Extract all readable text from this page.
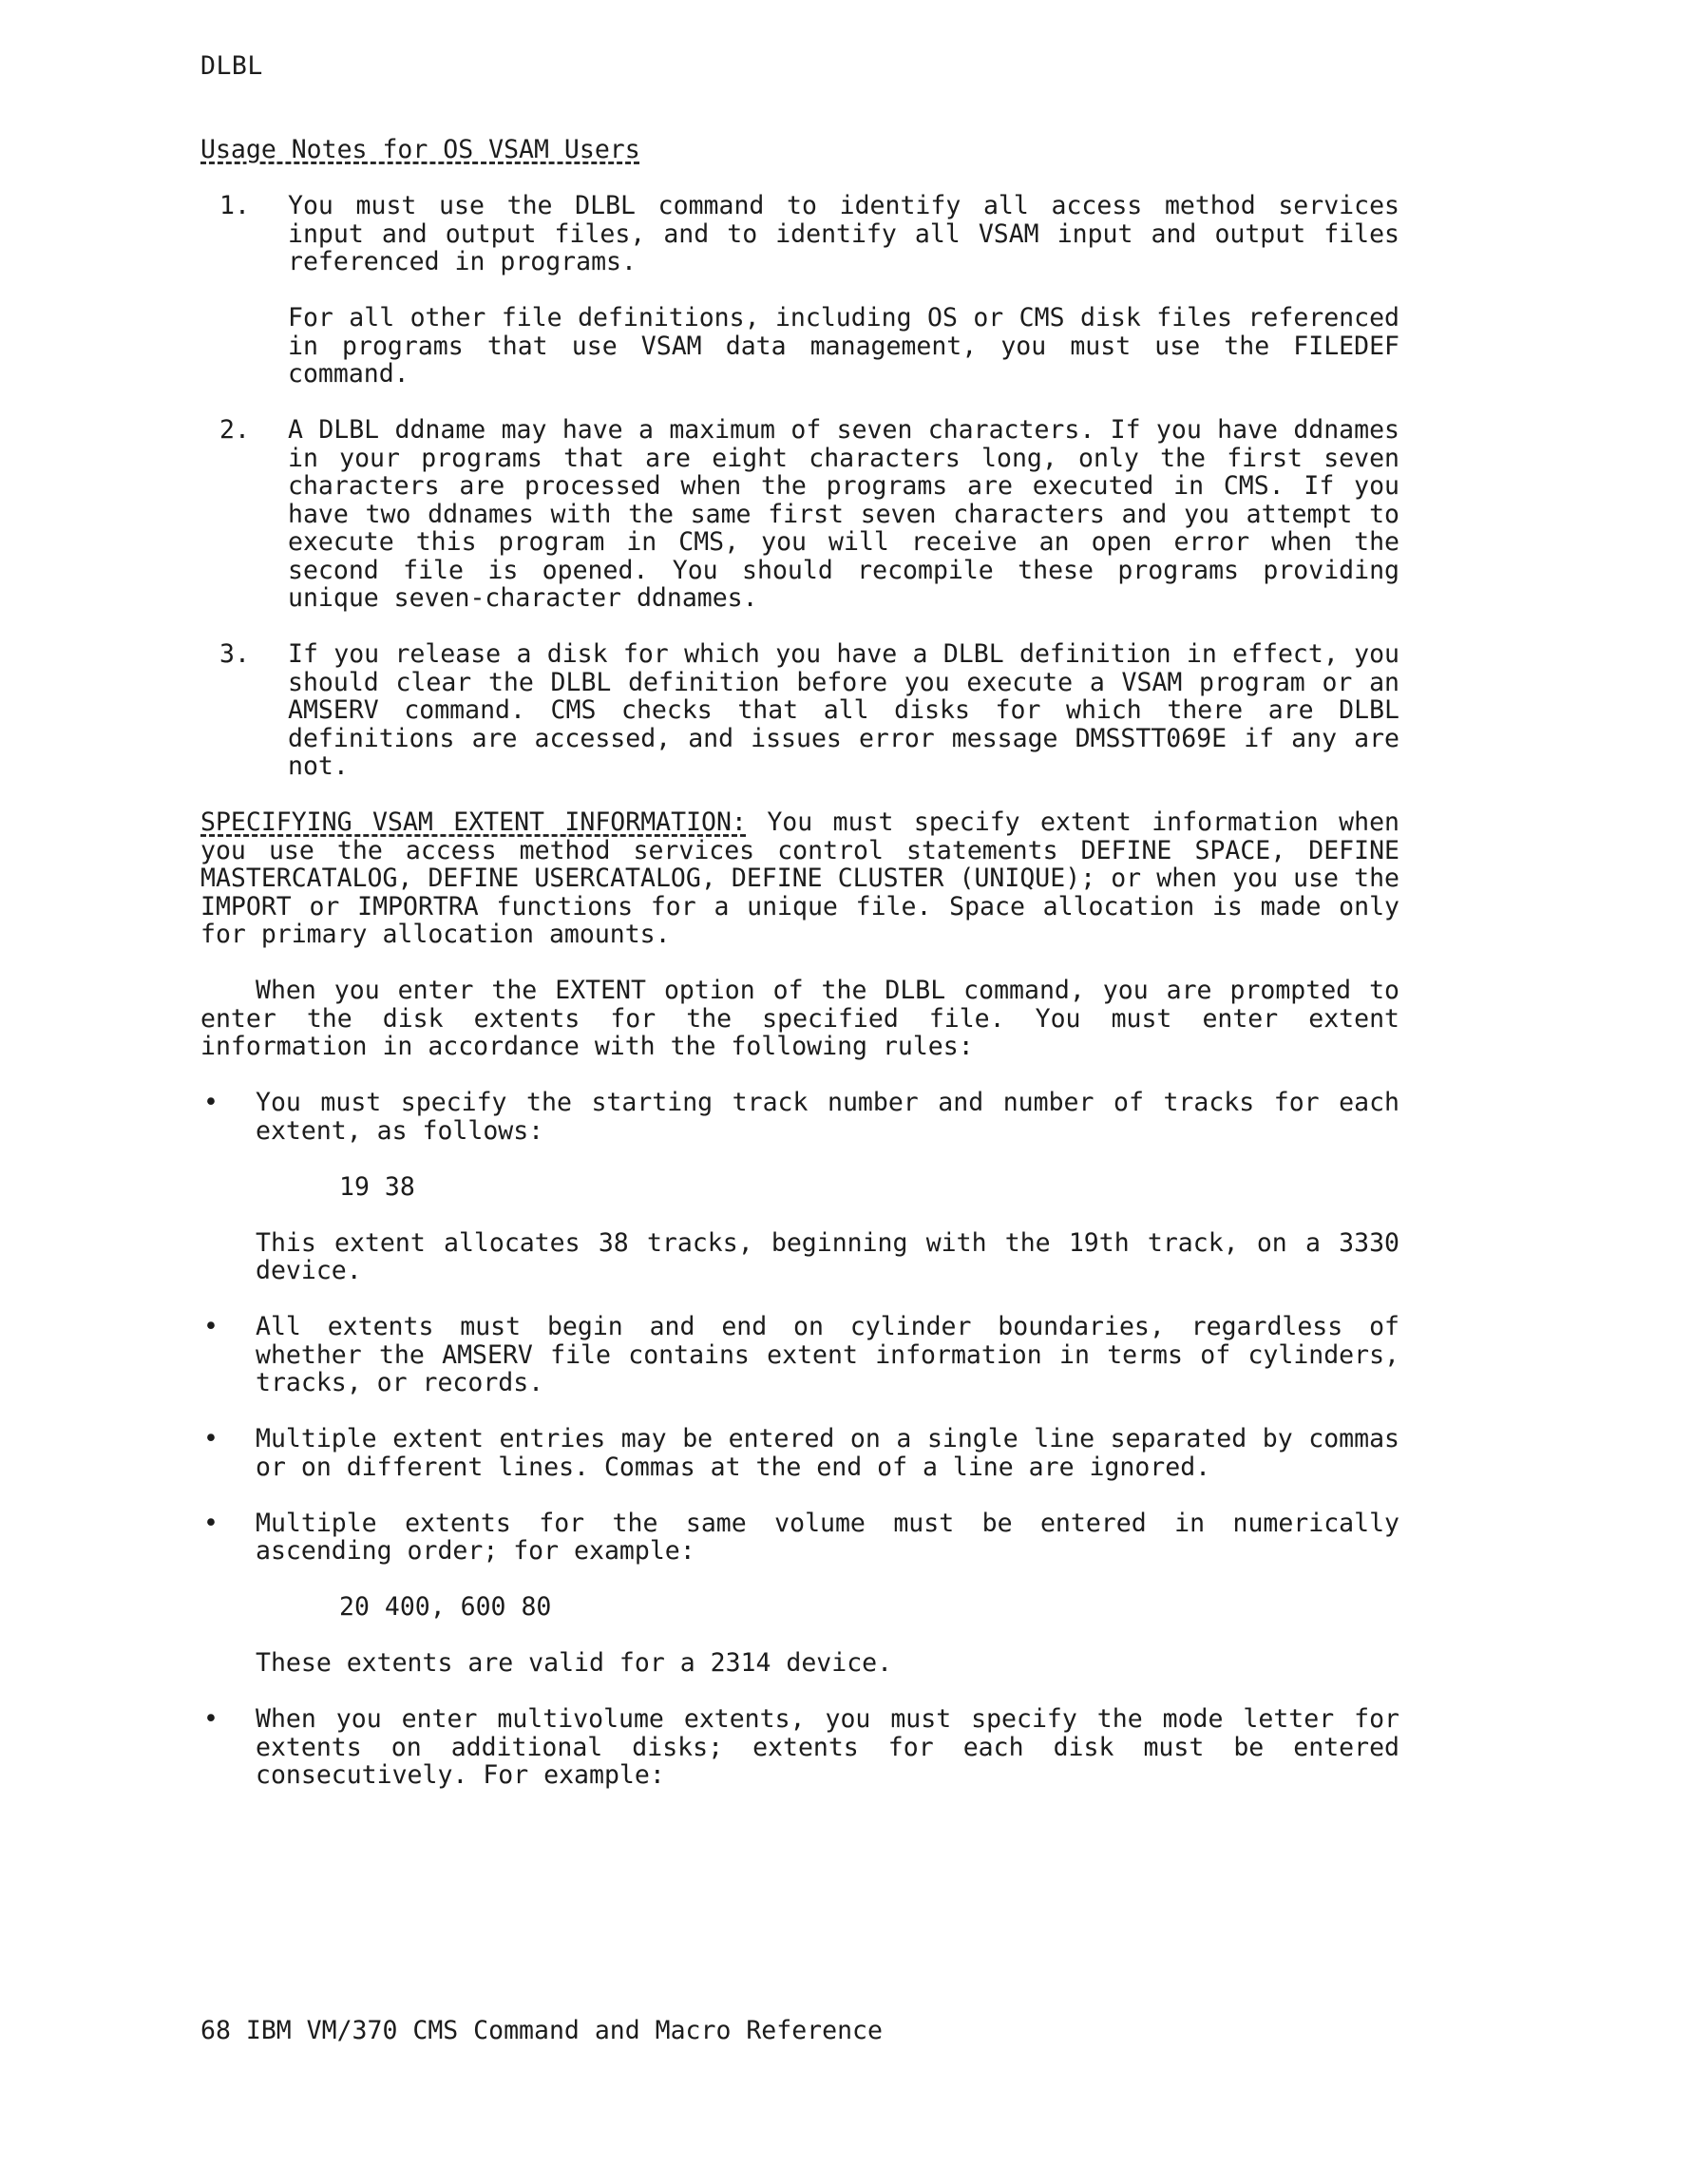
DLBL
Usage Notes for OS VSAM Users
1. You must use the DLBL command to identify all access method services input and output files, and to identify all VSAM input and output files referenced in programs.

For all other file definitions, including OS or CMS disk files referenced in programs that use VSAM data management, you must use the FILEDEF command.

2. A DLBL ddname may have a maximum of seven characters. If you have ddnames in your programs that are eight characters long, only the first seven characters are processed when the programs are executed in CMS. If you have two ddnames with the same first seven characters and you attempt to execute this program in CMS, you will receive an open error when the second file is opened. You should recompile these programs providing unique seven-character ddnames.

3. If you release a disk for which you have a DLBL definition in effect, you should clear the DLBL definition before you execute a VSAM program or an AMSERV command. CMS checks that all disks for which there are DLBL definitions are accessed, and issues error message DMSSTT069E if any are not.

SPECIFYING VSAM EXTENT INFORMATION: You must specify extent information when you use the access method services control statements DEFINE SPACE, DEFINE MASTERCATALOG, DEFINE USERCATALOG, DEFINE CLUSTER (UNIQUE); or when you use the IMPORT or IMPORTRA functions for a unique file. Space allocation is made only for primary allocation amounts.

When you enter the EXTENT option of the DLBL command, you are prompted to enter the disk extents for the specified file. You must enter extent information in accordance with the following rules:

• You must specify the starting track number and number of tracks for each extent, as follows:

19 38

This extent allocates 38 tracks, beginning with the 19th track, on a 3330 device.

• All extents must begin and end on cylinder boundaries, regardless of whether the AMSERV file contains extent information in terms of cylinders, tracks, or records.

• Multiple extent entries may be entered on a single line separated by commas or on different lines. Commas at the end of a line are ignored.

• Multiple extents for the same volume must be entered in numerically ascending order; for example:

20 400, 600 80

These extents are valid for a 2314 device.

• When you enter multivolume extents, you must specify the mode letter for extents on additional disks; extents for each disk must be entered consecutively. For example:

68 IBM VM/370 CMS Command and Macro Reference
